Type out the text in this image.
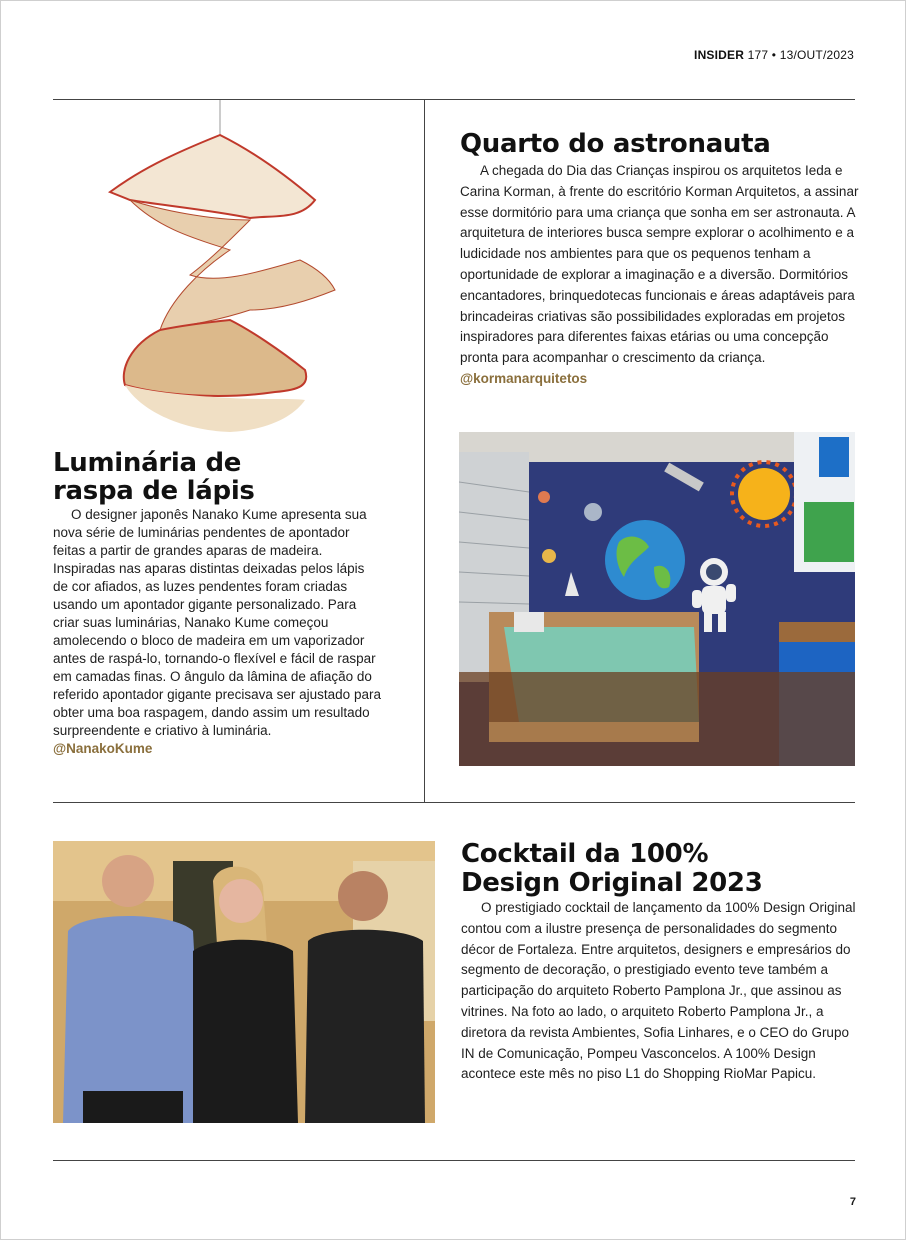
INSIDER 177 • 13/OUT/2023
Luminária de
raspa de lápis

O designer japonês Nanako Kume apresenta sua nova série de luminárias pendentes de apontador feitas a partir de grandes aparas de madeira. Inspiradas nas aparas distintas deixadas pelos lápis de cor afiados, as luzes pendentes foram criadas usando um apontador gigante personalizado. Para criar suas luminárias, Nanako Kume começou amolecendo o bloco de madeira em um vaporizador antes de raspá-lo, tornando-o flexível e fácil de raspar em camadas finas. O ângulo da lâmina de afiação do referido apontador gigante precisava ser ajustado para obter uma boa raspagem, dando assim um resultado surpreendente e criativo à luminária.
@NanakoKume

Quarto do astronauta

A chegada do Dia das Crianças inspirou os arquitetos Ieda e Carina Korman, à frente do escritório Korman Arquitetos, a assinar esse dormitório para uma criança que sonha em ser astronauta. A arquitetura de interiores busca sempre explorar o acolhimento e a ludicidade nos ambientes para que os pequenos tenham a oportunidade de explorar a imaginação e a diversão. Dormitórios encantadores, brinquedotecas funcionais e áreas adaptáveis para brincadeiras criativas são possibilidades exploradas em projetos inspiradores para diferentes faixas etárias ou uma concepção pronta para acompanhar o crescimento da criança. @kormanarquitetos

Cocktail da 100%
Design Original 2023

O prestigiado cocktail de lançamento da 100% Design Original contou com a ilustre presença de personalidades do segmento décor de Fortaleza. Entre arquitetos, designers e empresários do segmento de decoração, o prestigiado evento teve também a participação do arquiteto Roberto Pamplona Jr., que assinou as vitrines. Na foto ao lado, o arquiteto Roberto Pamplona Jr., a diretora da revista Ambientes, Sofia Linhares, e o CEO do Grupo IN de Comunicação, Pompeu Vasconcelos. A 100% Design acontece este mês no piso L1 do Shopping RioMar Papicu.

7
